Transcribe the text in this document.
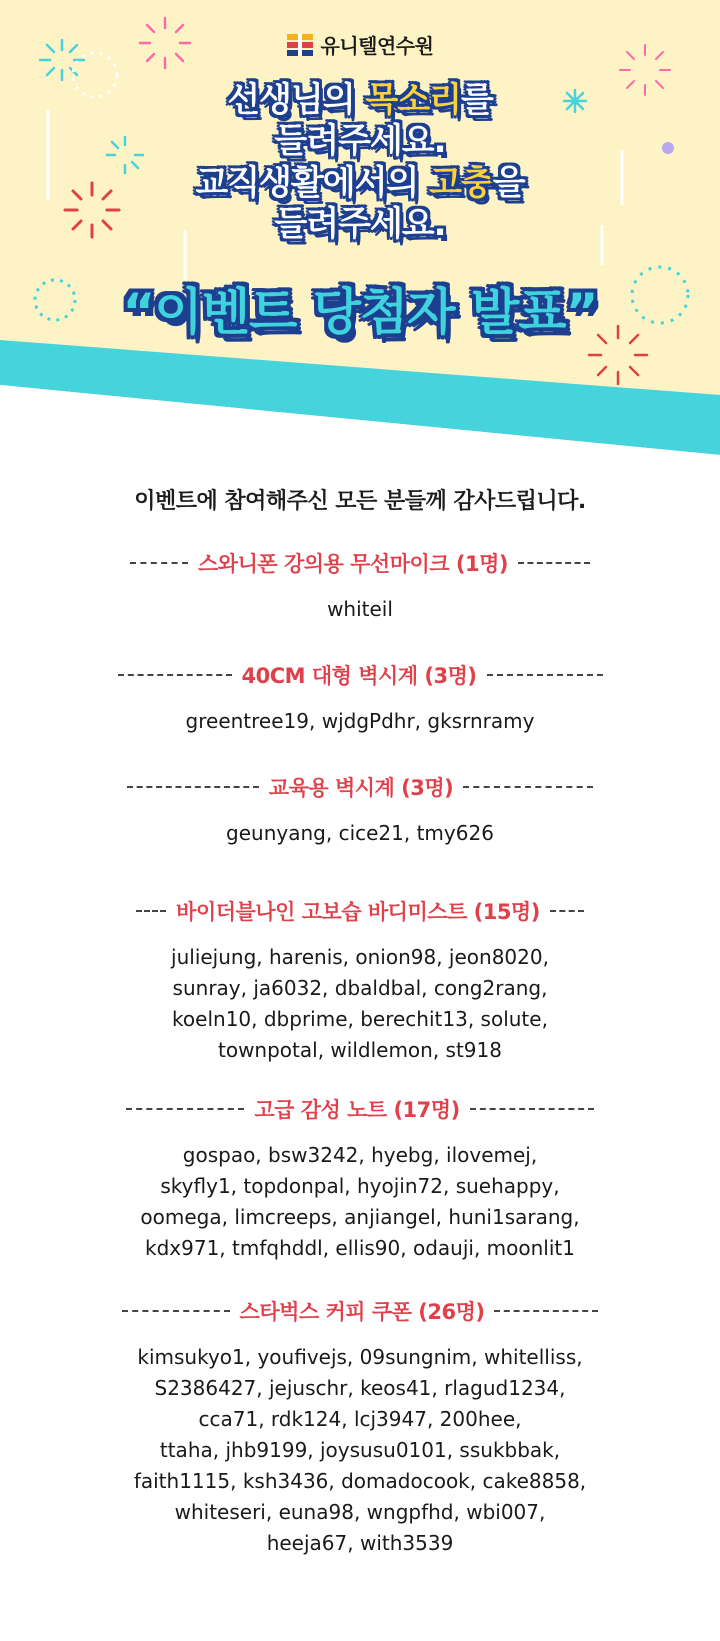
유니텔연수원
선생님의 목소리를
들려주세요.
교직생활에서의 고충을
들려주세요.
“이벤트 당첨자 발표”
이벤트에 참여해주신 모든 분들께 감사드립니다.
스와니폰 강의용 무선마이크 (1명)
whiteil
40CM 대형 벽시계 (3명)
greentree19, wjdgPdhr, gksrnramy
교육용 벽시계 (3명)
geunyang, cice21, tmy626
바이더블나인 고보습 바디미스트 (15명)
juliejung, harenis, onion98, jeon8020,
sunray, ja6032, dbaldbal, cong2rang,
koeln10, dbprime, berechit13, solute,
townpotal, wildlemon, st918
고급 감성 노트 (17명)
gospao, bsw3242, hyebg, ilovemej,
skyfly1, topdonpal, hyojin72, suehappy,
oomega, limcreeps, anjiangel, huni1sarang,
kdx971, tmfqhddl, ellis90, odauji, moonlit1
스타벅스 커피 쿠폰 (26명)
kimsukyo1, youfivejs, 09sungnim, whitelliss,
S2386427, jejuschr, keos41, rlagud1234,
cca71, rdk124, lcj3947, 200hee,
ttaha, jhb9199, joysusu0101, ssukbbak,
faith1115, ksh3436, domadocook, cake8858,
whiteseri, euna98, wngpfhd, wbi007,
heeja67, with3539
